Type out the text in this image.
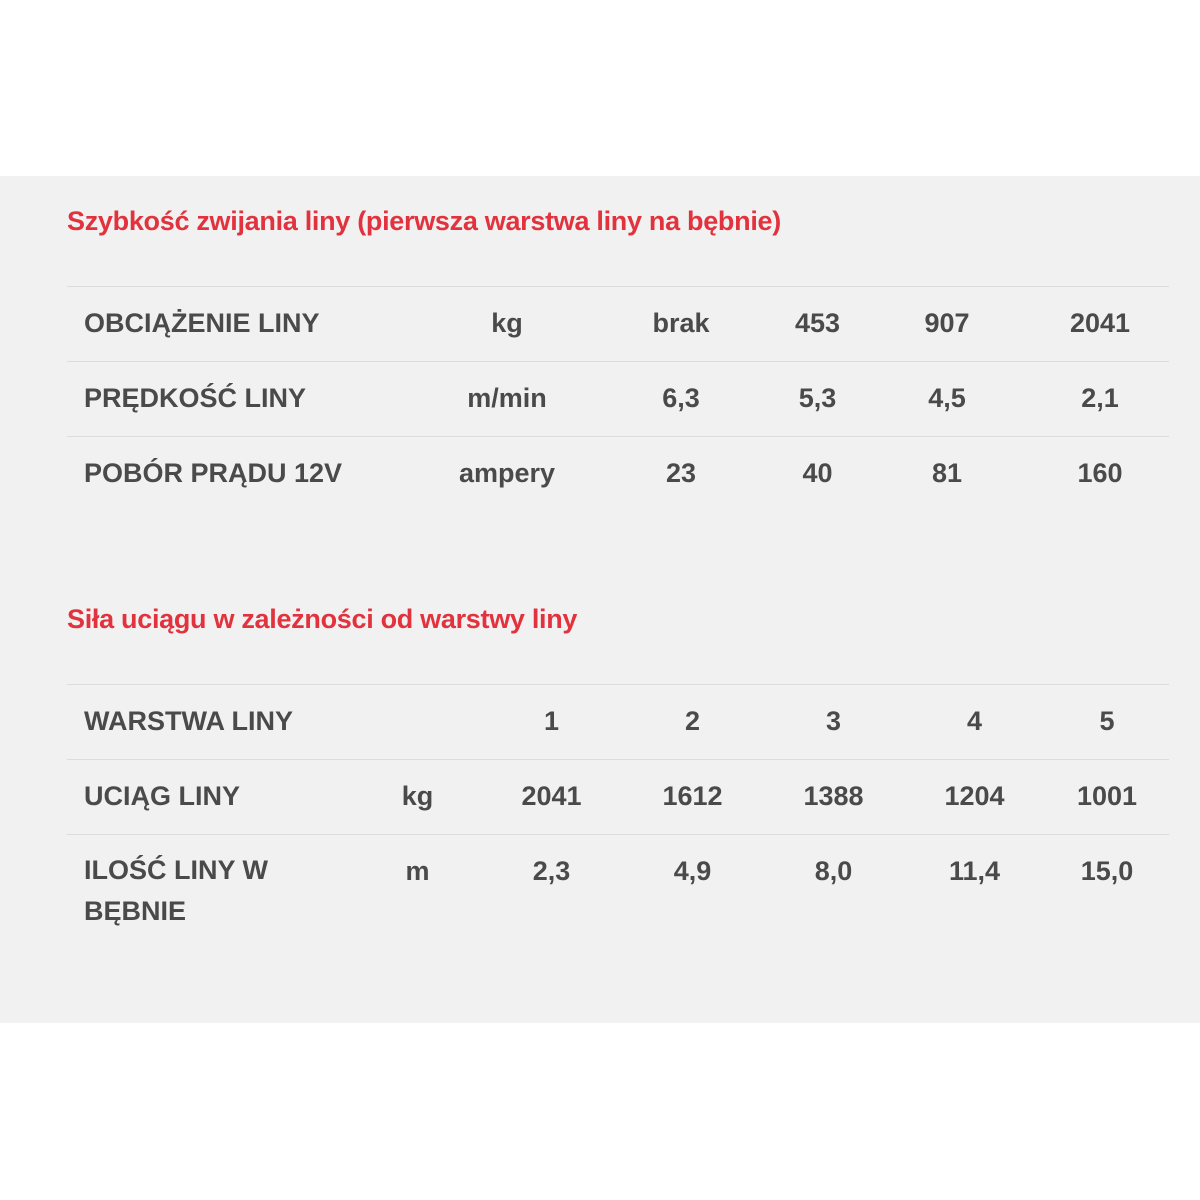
Szybkość zwijania liny (pierwsza warstwa liny na bębnie)
OBCIĄŻENIE LINY	kg	brak	453	907	2041
PRĘDKOŚĆ LINY	m/min	6,3	5,3	4,5	2,1
POBÓR PRĄDU 12V	ampery	23	40	81	160
Siła uciągu w zależności od warstwy liny
WARSTWA LINY		1	2	3	4	5
UCIĄG LINY	kg	2041	1612	1388	1204	1001
ILOŚĆ LINY W BĘBNIE	m	2,3	4,9	8,0	11,4	15,0
